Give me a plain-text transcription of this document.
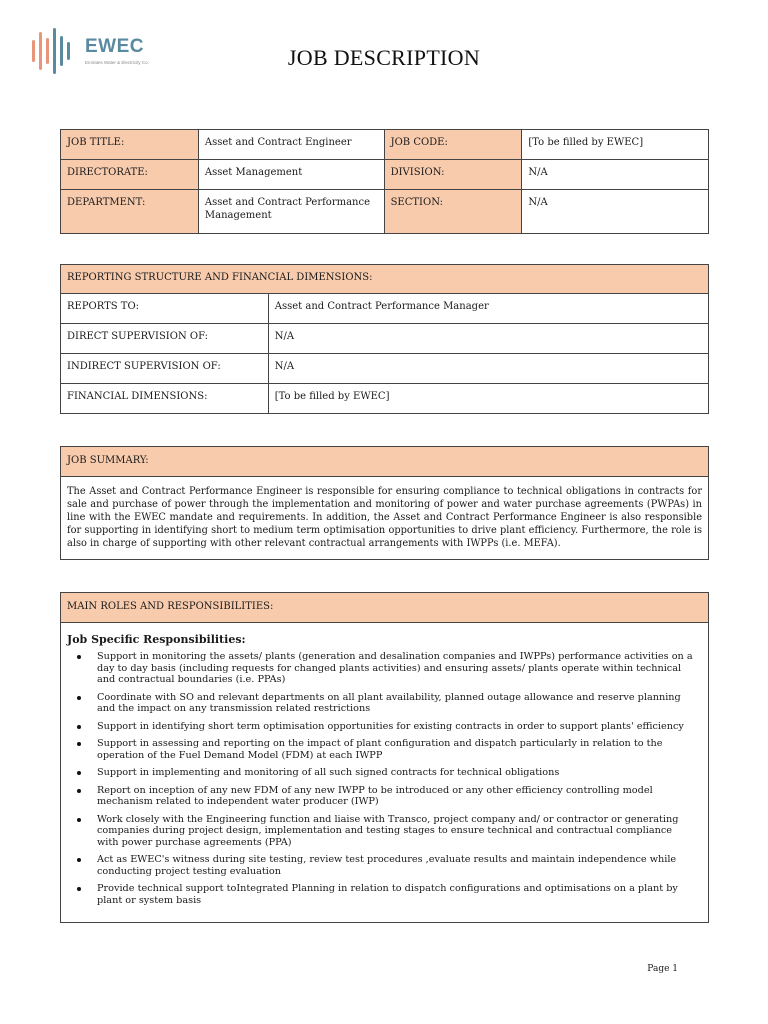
EWEC
Emirates Water & Electricity Co.	JOB DESCRIPTION
JOB TITLE:	Asset and Contract Engineer	JOB CODE:	[To be filled by EWEC]
DIRECTORATE:	Asset Management	DIVISION:	N/A
DEPARTMENT:	Asset and Contract Performance Management	SECTION:	N/A
REPORTING STRUCTURE AND FINANCIAL DIMENSIONS:	
REPORTS TO:	Asset and Contract Performance Manager
DIRECT SUPERVISION OF:	N/A
INDIRECT SUPERVISION OF:	N/A
FINANCIAL DIMENSIONS:	[To be filled by EWEC]
JOB SUMMARY:

The Asset and Contract Performance Engineer is responsible for ensuring compliance to technical obligations in contracts for sale and purchase of power through the implementation and monitoring of power and water purchase agreements (PWPAs) in line with the EWEC mandate and requirements. In addition, the Asset and Contract Performance Engineer is also responsible for supporting in identifying short to medium term optimisation opportunities to drive plant efficiency. Furthermore, the role is also in charge of supporting with other relevant contractual arrangements with IWPPs (i.e. MEFA).

MAIN ROLES AND RESPONSIBILITIES:
Job Specific Responsibilities:
Support in monitoring the assets/ plants (generation and desalination companies and IWPPs) performance activities on a day to day basis (including requests for changed plants activities) and ensuring assets/ plants operate within technical and contractual boundaries (i.e. PPAs)
Coordinate with SO and relevant departments on all plant availability, planned outage allowance and reserve planning and the impact on any transmission related restrictions
Support in identifying short term optimisation opportunities for existing contracts in order to support plants' efficiency
Support in assessing and reporting on the impact of plant configuration and dispatch particularly in relation to the operation of the Fuel Demand Model (FDM) at each IWPP
Support in implementing and monitoring of all such signed contracts for technical obligations
Report on inception of any new FDM of any new IWPP to be introduced or any other efficiency controlling model mechanism related to independent water producer (IWP)
Work closely with the Engineering function and liaise with Transco, project company and/ or contractor or generating companies during project design, implementation and testing stages to ensure technical and contractual compliance with power purchase agreements (PPA)
Act as EWEC's witness during site testing, review test procedures ,evaluate results and maintain independence while conducting project testing evaluation
Provide technical support toIntegrated Planning in relation to dispatch configurations and optimisations on a plant by plant or system basis
Page 1
